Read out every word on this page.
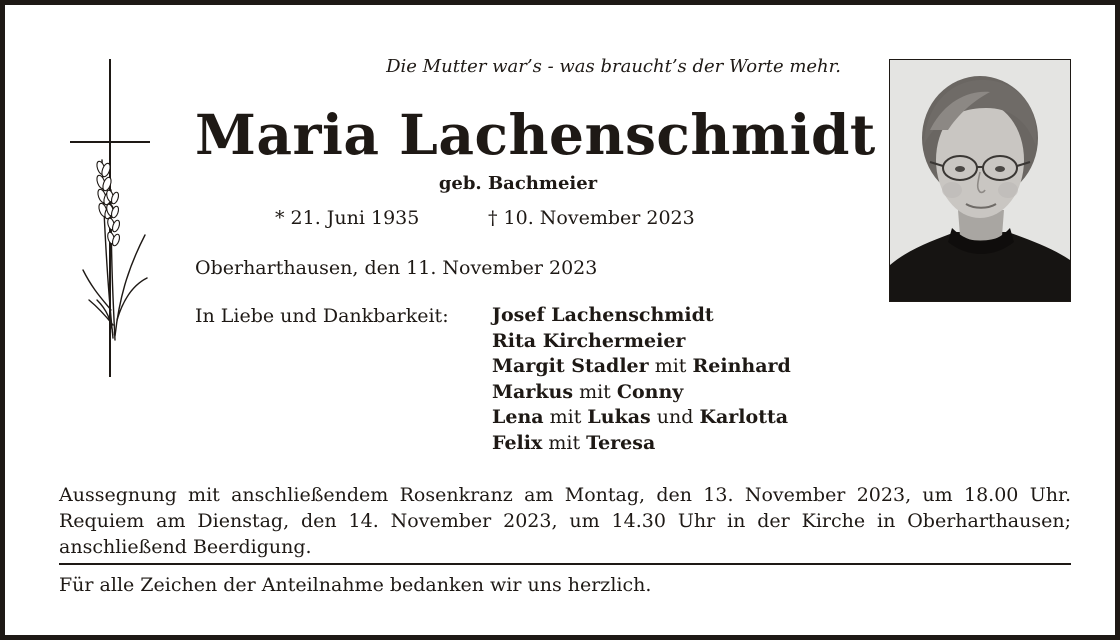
Die Mutter war’s - was braucht’s der Worte mehr.
Maria Lachenschmidt
geb. Bachmeier
* 21. Juni 1935	† 10. November 2023
Oberharthausen, den 11. November 2023
In Liebe und Dankbarkeit: Josef Lachenschmidt
Rita Kirchermeier
Margit Stadler mit Reinhard
Markus mit Conny
Lena mit Lukas und Karlotta
Felix mit Teresa
Aussegnung mit anschließendem Rosenkranz am Montag, den 13. November 2023, um 18.00 Uhr. Requiem am Dienstag, den 14. November 2023, um 14.30 Uhr in der Kirche in Oberharthausen; anschließend Beerdigung.
Für alle Zeichen der Anteilnahme bedanken wir uns herzlich.
